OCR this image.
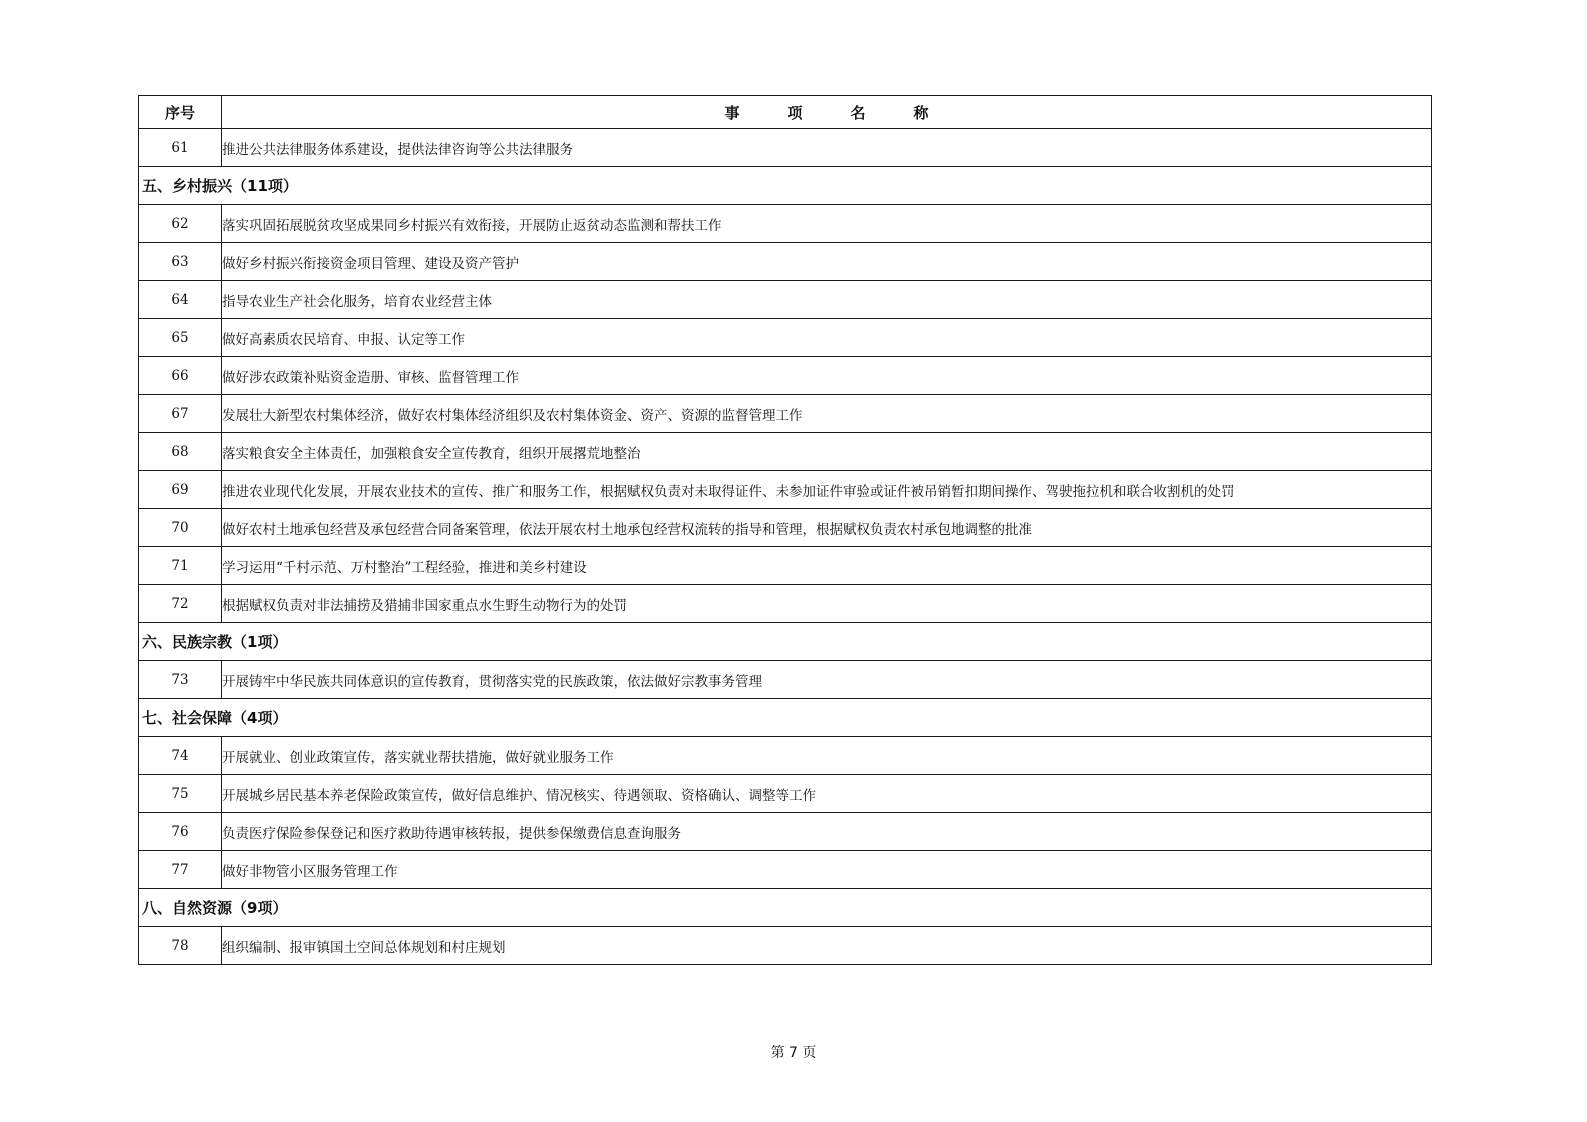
序号	事项名称
61	推进公共法律服务体系建设，提供法律咨询等公共法律服务
五、乡村振兴（11项）	
62	落实巩固拓展脱贫攻坚成果同乡村振兴有效衔接，开展防止返贫动态监测和帮扶工作
63	做好乡村振兴衔接资金项目管理、建设及资产管护
64	指导农业生产社会化服务，培育农业经营主体
65	做好高素质农民培育、申报、认定等工作
66	做好涉农政策补贴资金造册、审核、监督管理工作
67	发展壮大新型农村集体经济，做好农村集体经济组织及农村集体资金、资产、资源的监督管理工作
68	落实粮食安全主体责任，加强粮食安全宣传教育，组织开展撂荒地整治
69	推进农业现代化发展，开展农业技术的宣传、推广和服务工作，根据赋权负责对未取得证件、未参加证件审验或证件被吊销暂扣期间操作、驾驶拖拉机和联合收割机的处罚
70	做好农村土地承包经营及承包经营合同备案管理，依法开展农村土地承包经营权流转的指导和管理，根据赋权负责农村承包地调整的批准
71	学习运用“千村示范、万村整治”工程经验，推进和美乡村建设
72	根据赋权负责对非法捕捞及猎捕非国家重点水生野生动物行为的处罚
六、民族宗教（1项）	
73	开展铸牢中华民族共同体意识的宣传教育，贯彻落实党的民族政策，依法做好宗教事务管理
七、社会保障（4项）	
74	开展就业、创业政策宣传，落实就业帮扶措施，做好就业服务工作
75	开展城乡居民基本养老保险政策宣传，做好信息维护、情况核实、待遇领取、资格确认、调整等工作
76	负责医疗保险参保登记和医疗救助待遇审核转报，提供参保缴费信息查询服务
77	做好非物管小区服务管理工作
八、自然资源（9项）	
78	组织编制、报审镇国土空间总体规划和村庄规划
第 7 页
